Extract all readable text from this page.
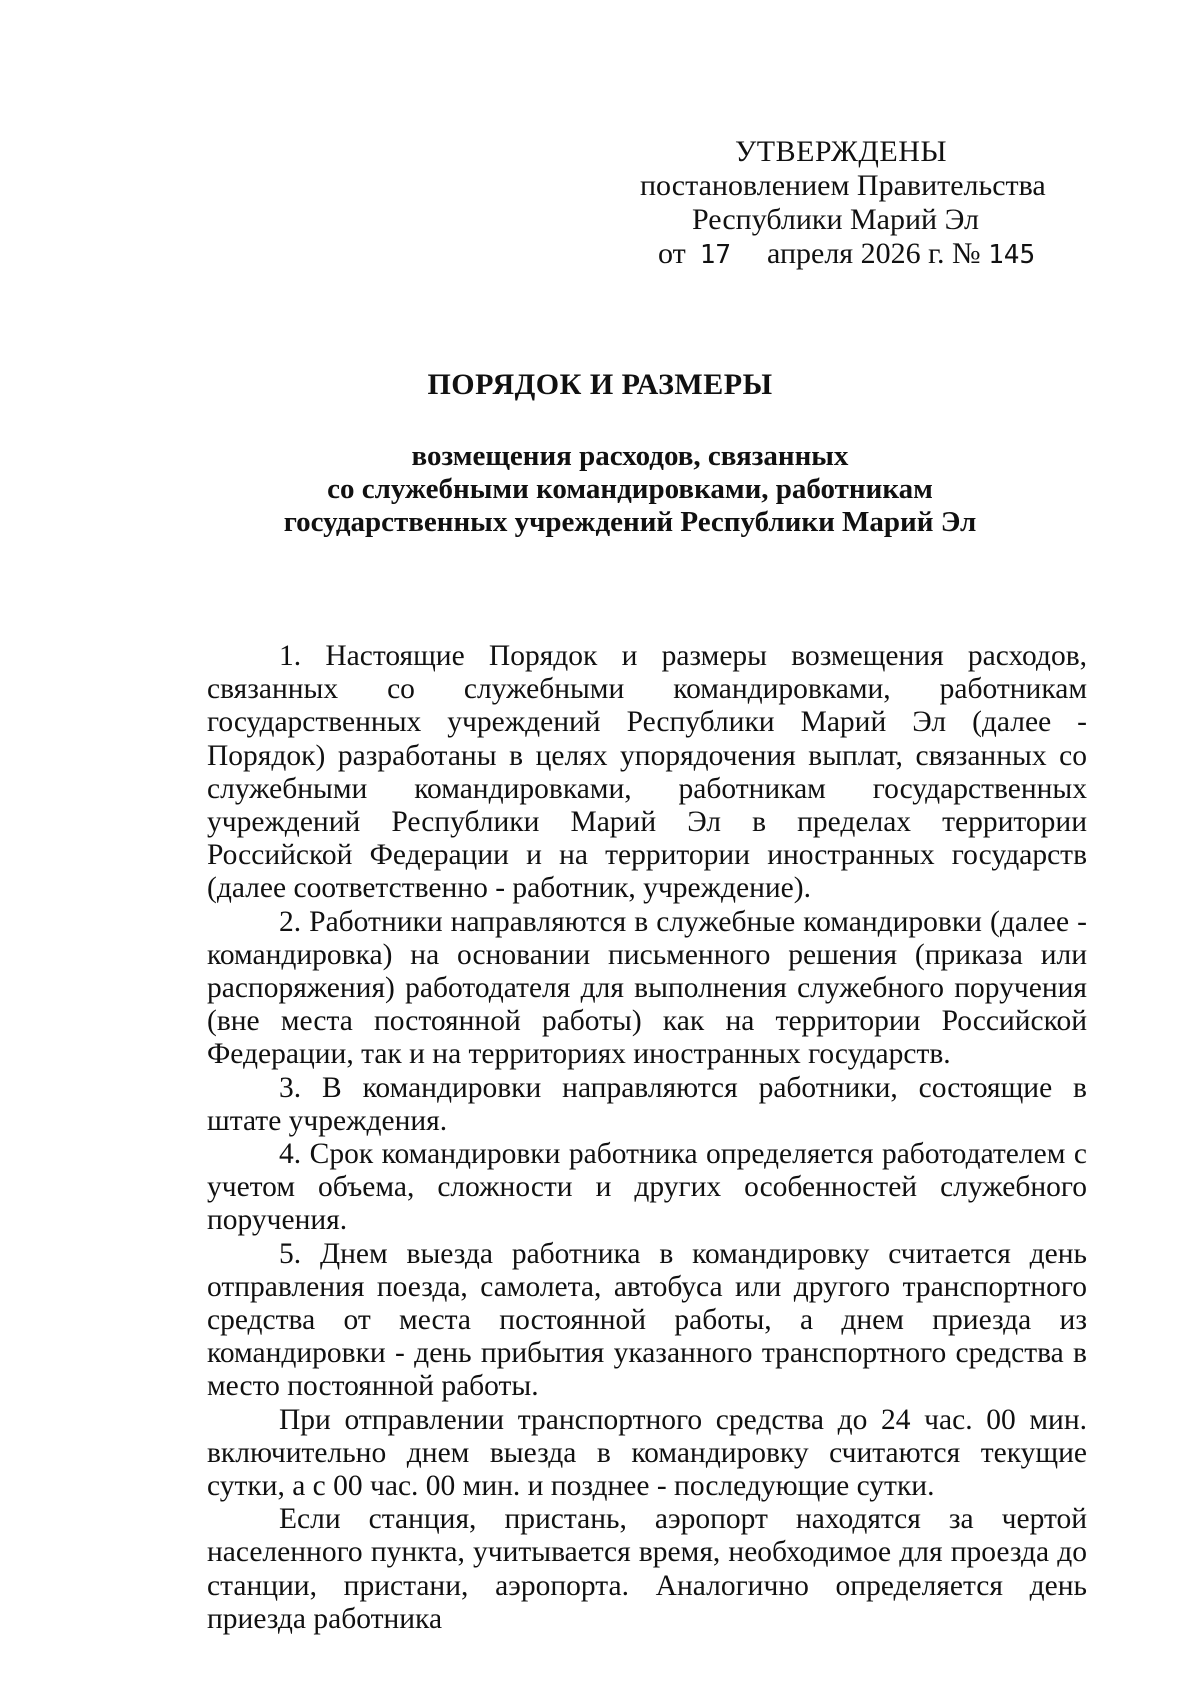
УТВЕРЖДЕНЫ
постановлением Правительства
Республики Марий Эл
от 17 апреля 2026 г. № 145
ПОРЯДОК И РАЗМЕРЫ
возмещения расходов, связанных
со служебными командировками, работникам
государственных учреждений Республики Марий Эл

1. Настоящие Порядок и размеры возмещения расходов, связанных со служебными командировками, работникам государственных учреждений Республики Марий Эл (далее - Порядок) разработаны в целях упорядочения выплат, связанных со служебными командировками, работникам государственных учреждений Республики Марий Эл в пределах территории Российской Федерации и на территории иностранных государств (далее соответственно - работник, учреждение).

2. Работники направляются в служебные командировки (далее - командировка) на основании письменного решения (приказа или распоряжения) работодателя для выполнения служебного поручения (вне места постоянной работы) как на территории Российской Федерации, так и на территориях иностранных государств.

3. В командировки направляются работники, состоящие в штате учреждения.

4. Срок командировки работника определяется работодателем с учетом объема, сложности и других особенностей служебного поручения.

5. Днем выезда работника в командировку считается день отправления поезда, самолета, автобуса или другого транспортного средства от места постоянной работы, а днем приезда из командировки - день прибытия указанного транспортного средства в место постоянной работы.

При отправлении транспортного средства до 24 час. 00 мин. включительно днем выезда в командировку считаются текущие сутки, а с 00 час. 00 мин. и позднее - последующие сутки.

Если станция, пристань, аэропорт находятся за чертой населенного пункта, учитывается время, необходимое для проезда до станции, пристани, аэропорта. Аналогично определяется день приезда работника
